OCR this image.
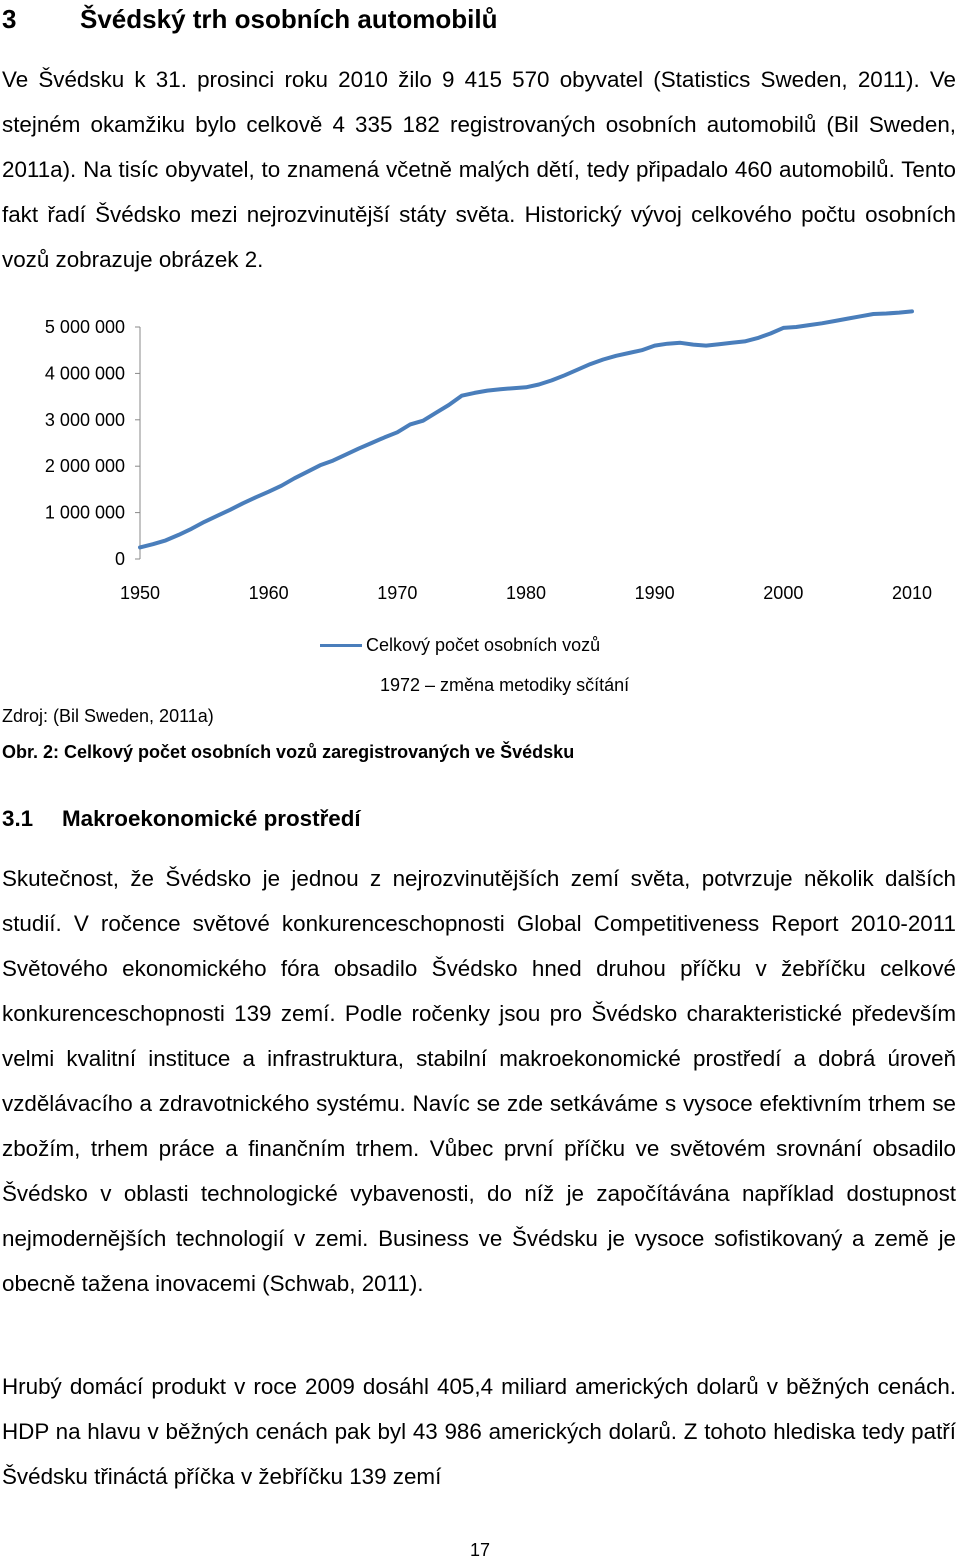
3 Švédský trh osobních automobilů

Ve Švédsku k 31. prosinci roku 2010 žilo 9 415 570 obyvatel (Statistics Sweden, 2011). Ve stejném okamžiku bylo celkově 4 335 182 registrovaných osobních automobilů (Bil Sweden, 2011a). Na tisíc obyvatel, to znamená včetně malých dětí, tedy připadalo 460 automobilů. Tento fakt řadí Švédsko mezi nejrozvinutější státy světa. Historický vývoj celkového počtu osobních vozů zobrazuje obrázek 2.

0
1 000 000
2 000 000
3 000 000
4 000 000
5 000 000
1950	1960	1970	1980	1990	2000	2010
Celkový počet osobních vozů
1972 – změna metodiky sčítání
Zdroj: (Bil Sweden, 2011a)
Obr. 2: Celkový počet osobních vozů zaregistrovaných ve Švédsku
3.1 Makroekonomické prostředí

Skutečnost, že Švédsko je jednou z nejrozvinutějších zemí světa, potvrzuje několik dalších studií. V ročence světové konkurenceschopnosti Global Competitiveness Report 2010-2011 Světového ekonomického fóra obsadilo Švédsko hned druhou příčku v žebříčku celkové konkurenceschopnosti 139 zemí. Podle ročenky jsou pro Švédsko charakteristické především velmi kvalitní instituce a infrastruktura, stabilní makroekonomické prostředí a dobrá úroveň vzdělávacího a zdravotnického systému. Navíc se zde setkáváme s vysoce efektivním trhem se zbožím, trhem práce a finančním trhem. Vůbec první příčku ve světovém srovnání obsadilo Švédsko v oblasti technologické vybavenosti, do níž je započítávána například dostupnost nejmodernějších technologií v zemi. Business ve Švédsku je vysoce sofistikovaný a země je obecně tažena inovacemi (Schwab, 2011).

Hrubý domácí produkt v roce 2009 dosáhl 405,4 miliard amerických dolarů v běžných cenách. HDP na hlavu v běžných cenách pak byl 43 986 amerických dolarů. Z tohoto hlediska tedy patří Švédsku třináctá příčka v žebříčku 139 zemí

17
